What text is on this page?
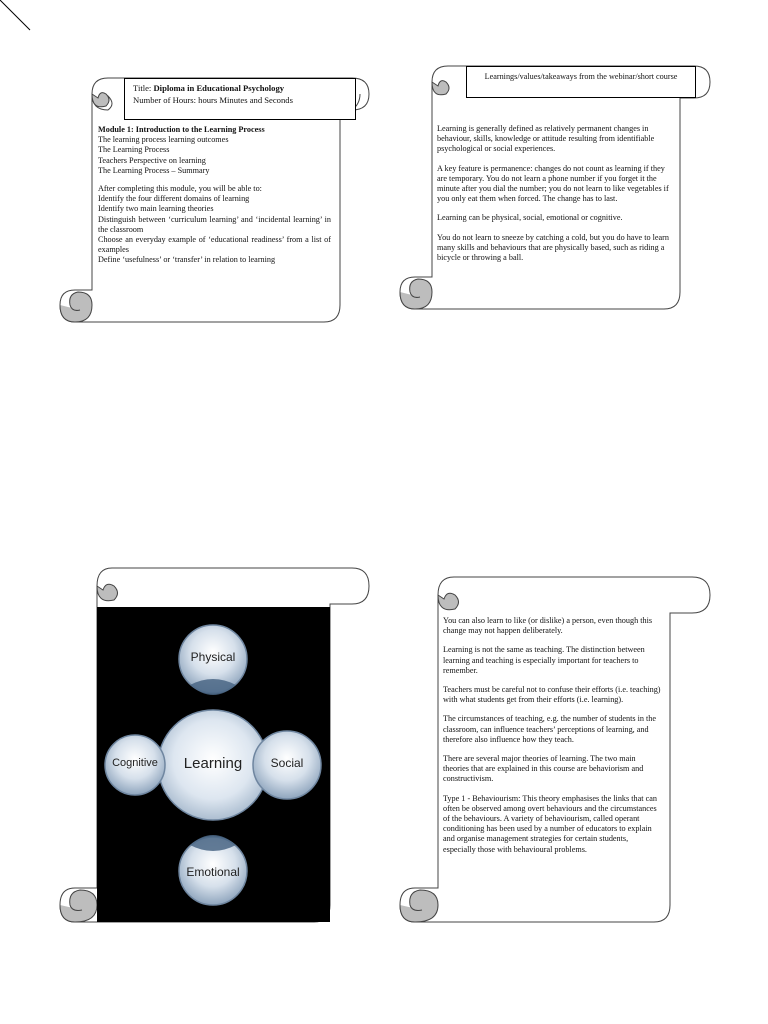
Title: Diploma in Educational Psychology
Number of Hours: hours Minutes and Seconds
Module 1: Introduction to the Learning Process
The learning process learning outcomes
The Learning Process
Teachers Perspective on learning
The Learning Process – Summary
After completing this module, you will be able to:
Identify the four different domains of learning
Identify two main learning theories
Distinguish between ‘curriculum learning’ and ‘incidental learning’ in the classroom
Choose an everyday example of ‘educational readiness’ from a list of examples
Define ‘usefulness’ or ‘transfer’ in relation to learning
Learnings/values/takeaways from the webinar/short course

Learning is generally defined as relatively permanent changes in behaviour, skills, knowledge or attitude resulting from identifiable psychological or social experiences.

A key feature is permanence: changes do not count as learning if they are temporary. You do not learn a phone number if you forget it the minute after you dial the number; you do not learn to like vegetables if you only eat them when forced. The change has to last.

Learning can be physical, social, emotional or cognitive.

You do not learn to sneeze by catching a cold, but you do have to learn many skills and behaviours that are physically based, such as riding a bicycle or throwing a ball.

Physical
Learning	Social
Emotional
Cognitive

You can also learn to like (or dislike) a person, even though this change may not happen deliberately.

Learning is not the same as teaching. The distinction between learning and teaching is especially important for teachers to remember.

Teachers must be careful not to confuse their efforts (i.e. teaching) with what students get from their efforts (i.e. learning).

The circumstances of teaching, e.g. the number of students in the classroom, can influence teachers’ perceptions of learning, and therefore also influence how they teach.

There are several major theories of learning. The two main theories that are explained in this course are behaviorism and constructivism.

Type 1 - Behaviourism: This theory emphasises the links that can often be observed among overt behaviours and the circumstances of the behaviours. A variety of behaviourism, called operant conditioning has been used by a number of educators to explain and organise management strategies for certain students, especially those with behavioural problems.
